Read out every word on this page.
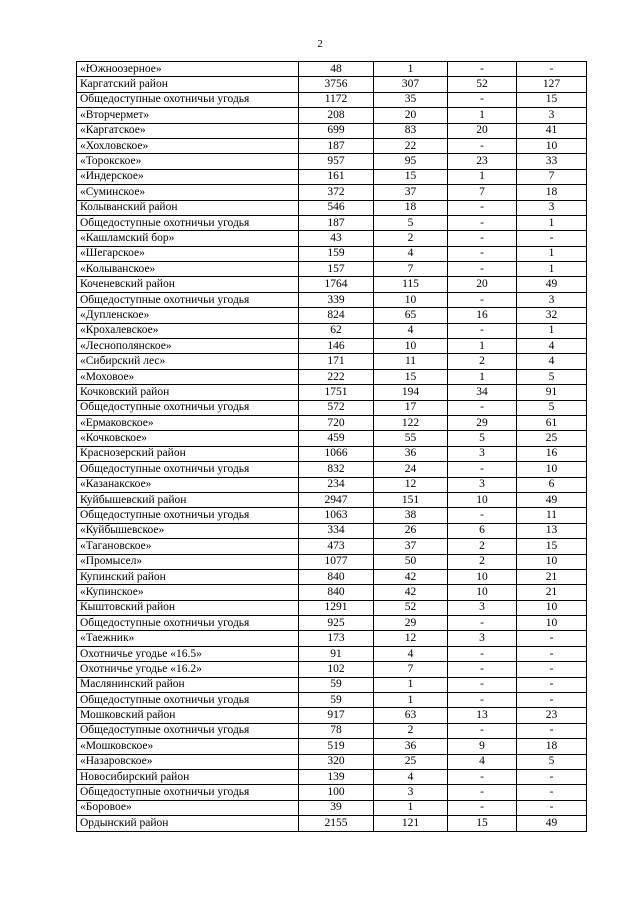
2
«Южноозерное»	48	1	-	-
Каргатский район	3756	307	52	127
Общедоступные охотничьи угодья	1172	35	-	15
«Вторчермет»	208	20	1	3
«Каргатское»	699	83	20	41
«Хохловское»	187	22	-	10
«Торокское»	957	95	23	33
«Индерское»	161	15	1	7
«Суминское»	372	37	7	18
Колыванский район	546	18	-	3
Общедоступные охотничьи угодья	187	5	-	1
«Кашламский бор»	43	2	-	-
«Шегарское»	159	4	-	1
«Колыванское»	157	7	-	1
Коченевский район	1764	115	20	49
Общедоступные охотничьи угодья	339	10	-	3
«Дупленское»	824	65	16	32
«Крохалевское»	62	4	-	1
«Леснополянское»	146	10	1	4
«Сибирский лес»	171	11	2	4
«Моховое»	222	15	1	5
Кочковский район	1751	194	34	91
Общедоступные охотничьи угодья	572	17	-	5
«Ермаковское»	720	122	29	61
«Кочковское»	459	55	5	25
Краснозерский район	1066	36	3	16
Общедоступные охотничьи угодья	832	24	-	10
«Казанакское»	234	12	3	6
Куйбышевский район	2947	151	10	49
Общедоступные охотничьи угодья	1063	38	-	11
«Куйбышевское»	334	26	6	13
«Тагановское»	473	37	2	15
«Промысел»	1077	50	2	10
Купинский район	840	42	10	21
«Купинское»	840	42	10	21
Кыштовский район	1291	52	3	10
Общедоступные охотничьи угодья	925	29	-	10
«Таежник»	173	12	3	-
Охотничье угодье «16.5»	91	4	-	-
Охотничье угодье «16.2»	102	7	-	-
Маслянинский район	59	1	-	-
Общедоступные охотничьи угодья	59	1	-	-
Мошковский район	917	63	13	23
Общедоступные охотничьи угодья	78	2	-	-
«Мошковское»	519	36	9	18
«Назаровское»	320	25	4	5
Новосибирский район	139	4	-	-
Общедоступные охотничьи угодья	100	3	-	-
«Боровое»	39	1	-	-
Ордынский район	2155	121	15	49
